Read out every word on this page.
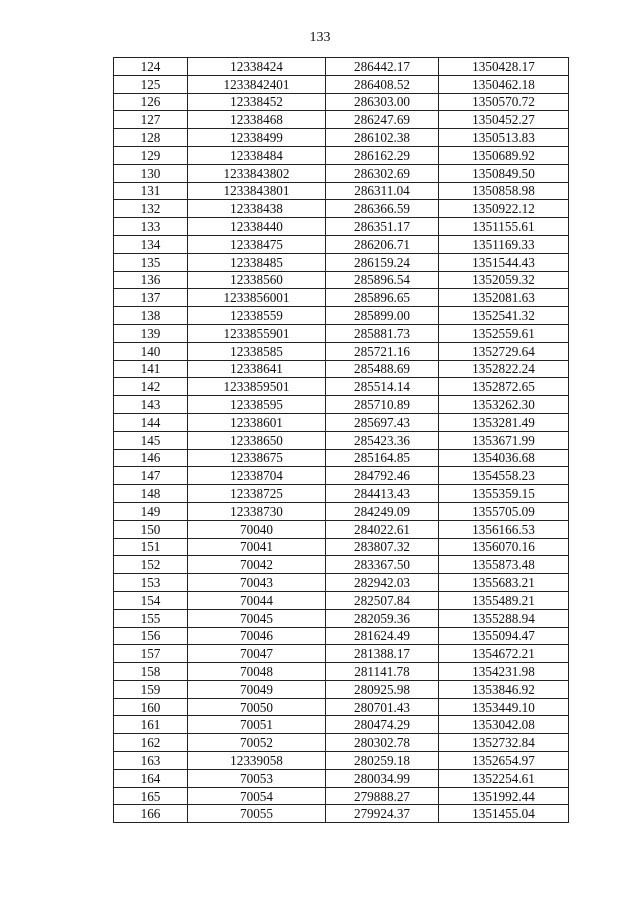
133
124	12338424	286442.17	1350428.17
125	1233842401	286408.52	1350462.18
126	12338452	286303.00	1350570.72
127	12338468	286247.69	1350452.27
128	12338499	286102.38	1350513.83
129	12338484	286162.29	1350689.92
130	1233843802	286302.69	1350849.50
131	1233843801	286311.04	1350858.98
132	12338438	286366.59	1350922.12
133	12338440	286351.17	1351155.61
134	12338475	286206.71	1351169.33
135	12338485	286159.24	1351544.43
136	12338560	285896.54	1352059.32
137	1233856001	285896.65	1352081.63
138	12338559	285899.00	1352541.32
139	1233855901	285881.73	1352559.61
140	12338585	285721.16	1352729.64
141	12338641	285488.69	1352822.24
142	1233859501	285514.14	1352872.65
143	12338595	285710.89	1353262.30
144	12338601	285697.43	1353281.49
145	12338650	285423.36	1353671.99
146	12338675	285164.85	1354036.68
147	12338704	284792.46	1354558.23
148	12338725	284413.43	1355359.15
149	12338730	284249.09	1355705.09
150	70040	284022.61	1356166.53
151	70041	283807.32	1356070.16
152	70042	283367.50	1355873.48
153	70043	282942.03	1355683.21
154	70044	282507.84	1355489.21
155	70045	282059.36	1355288.94
156	70046	281624.49	1355094.47
157	70047	281388.17	1354672.21
158	70048	281141.78	1354231.98
159	70049	280925.98	1353846.92
160	70050	280701.43	1353449.10
161	70051	280474.29	1353042.08
162	70052	280302.78	1352732.84
163	12339058	280259.18	1352654.97
164	70053	280034.99	1352254.61
165	70054	279888.27	1351992.44
166	70055	279924.37	1351455.04
